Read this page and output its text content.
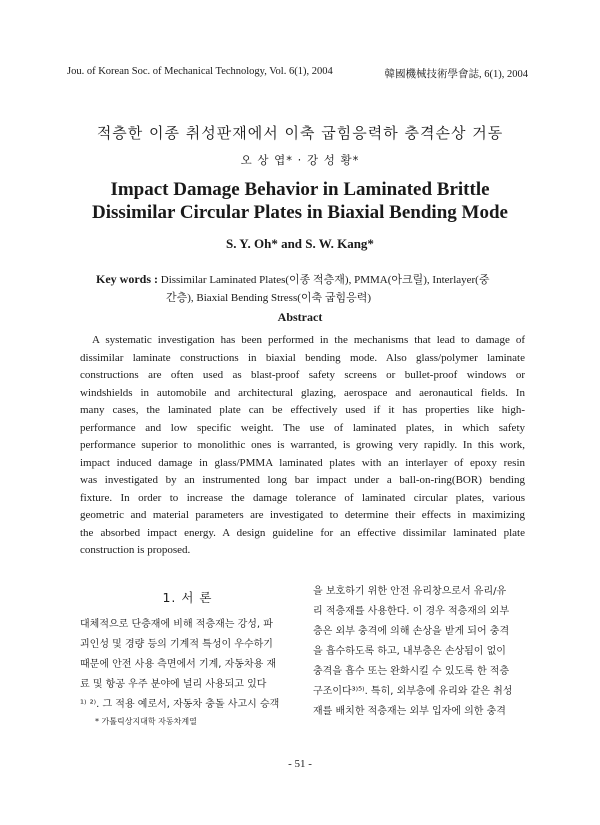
Jou. of Korean Soc. of Mechanical Technology, Vol. 6(1), 2004	韓國機械技術學會誌, 6(1), 2004
적층한 이종 취성판재에서 이축 굽힘응력하 충격손상 거동
오 상 엽* · 강 성 황*
Impact Damage Behavior in Laminated Brittle
Dissimilar Circular Plates in Biaxial Bending Mode
S. Y. Oh* and S. W. Kang*
Key words : Dissimilar Laminated Plates(이종 적층재), PMMA(아크릴), Interlayer(중
간층), Biaxial Bending Stress(이축 굽힘응력)
Abstract
A systematic investigation has been performed in the mechanisms that lead to damage of
dissimilar laminate constructions in biaxial bending mode. Also glass/polymer laminate
constructions are often used as blast-proof safety screens or bullet-proof windows or
windshields in automobile and architectural glazing, aerospace and aeronautical fields. In
many cases, the laminated plate can be effectively used if it has properties like high-
performance and low specific weight. The use of laminated plates, in which safety
performance superior to monolithic ones is warranted, is growing very rapidly. In this work,
impact induced damage in glass/PMMA laminated plates with an interlayer of epoxy resin
was investigated by an instrumented long bar impact under a ball-on-ring(BOR) bending
fixture. In order to increase the damage tolerance of laminated circular plates, various
geometric and material parameters are investigated to determine their effects in maximizing
the absorbed impact energy. A design guideline for an effective dissimilar laminated plate
construction is proposed.
1. 서 론
대체적으로 단층재에 비해 적층재는 강성, 파
괴인성 및 경량 등의 기계적 특성이 우수하기
때문에 안전 사용 측면에서 기계, 자동차용 재
료 및 항공 우주 분야에 널리 사용되고 있다
¹⁾ ²⁾. 그 적용 예로서, 자동차 충돌 사고시 승객
을 보호하기 위한 안전 유리창으로서 유리/유
리 적층재를 사용한다. 이 경우 적층재의 외부
층은 외부 충격에 의해 손상을 받게 되어 충격
을 흡수하도록 하고, 내부층은 손상됨이 없이
충격을 흡수 또는 완화시킬 수 있도록 한 적층
구조이다³⁾⁵⁾. 특히, 외부층에 유리와 같은 취성
재를 배치한 적층재는 외부 입자에 의한 충격
* 가톨릭상지대학 자동차계열
- 51 -
